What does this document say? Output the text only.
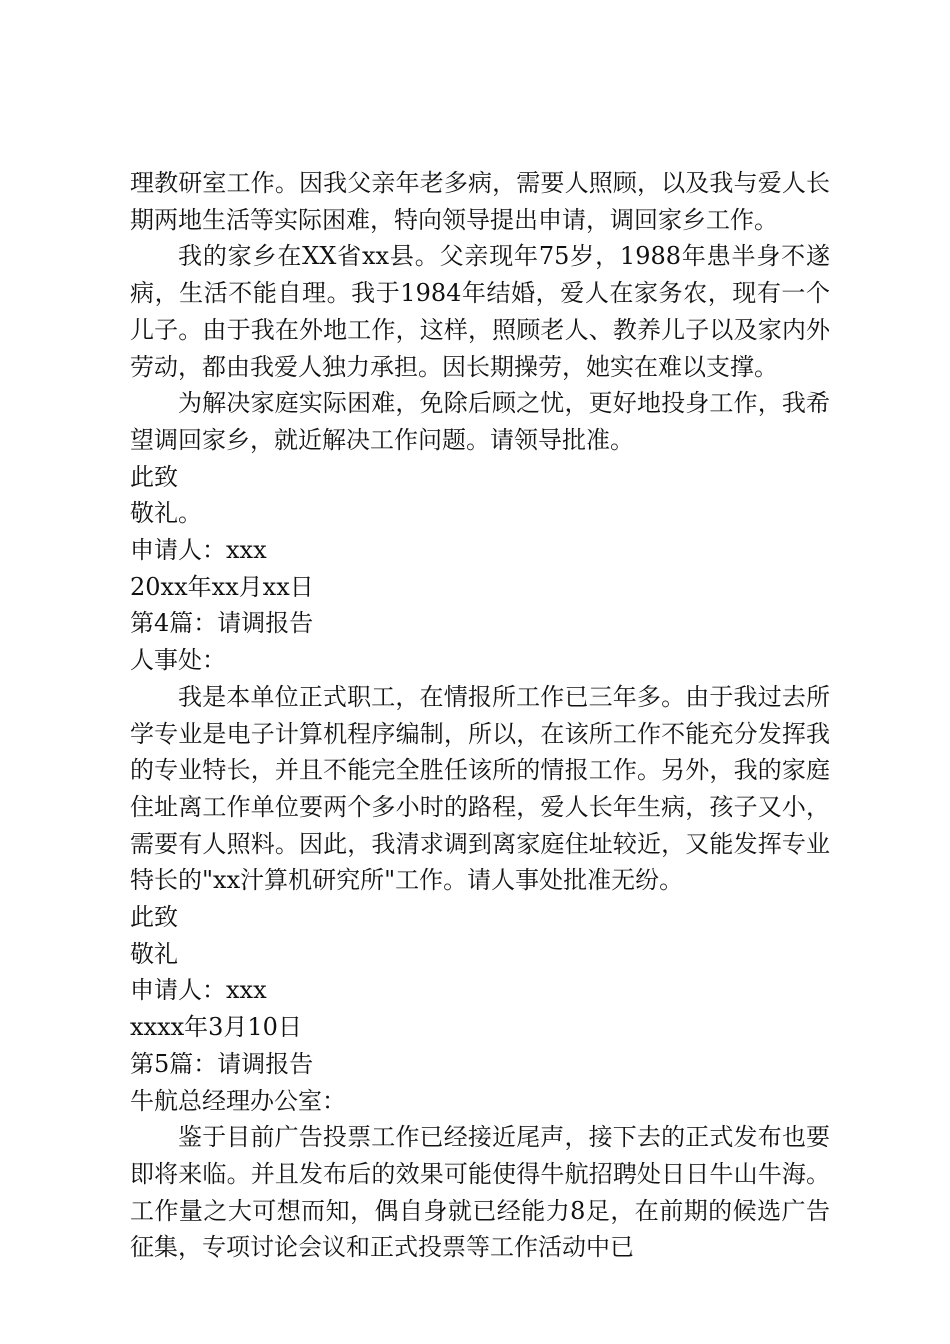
理教研室工作。因我父亲年老多病，需要人照顾，以及我与爱人长期两地生活等实际困难，特向领导提出申请，调回家乡工作。

我的家乡在XX省xx县。父亲现年75岁，1988年患半身不遂病，生活不能自理。我于1984年结婚，爱人在家务农，现有一个儿子。由于我在外地工作，这样，照顾老人、教养儿子以及家内外劳动，都由我爱人独力承担。因长期操劳，她实在难以支撑。

为解决家庭实际困难，免除后顾之忧，更好地投身工作，我希望调回家乡，就近解决工作问题。请领导批准。

此致

敬礼。

申请人：xxx

20xx年xx月xx日

第4篇：请调报告

人事处：

我是本单位正式职工，在情报所工作已三年多。由于我过去所学专业是电子计算机程序编制，所以，在该所工作不能充分发挥我的专业特长，并且不能完全胜任该所的情报工作。另外，我的家庭住址离工作单位要两个多小时的路程，爱人长年生病，孩子又小，需要有人照料。因此，我清求调到离家庭住址较近，又能发挥专业特长的"xx汁算机研究所"工作。请人事处批准无纷。

此致

敬礼

申请人：xxx

xxxx年3月10日

第5篇：请调报告

牛航总经理办公室：

鉴于目前广告投票工作已经接近尾声，接下去的正式发布也要即将来临。并且发布后的效果可能使得牛航招聘处日日牛山牛海。工作量之大可想而知，偶自身就已经能力8足，在前期的候选广告征集，专项讨论会议和正式投票等工作活动中已
